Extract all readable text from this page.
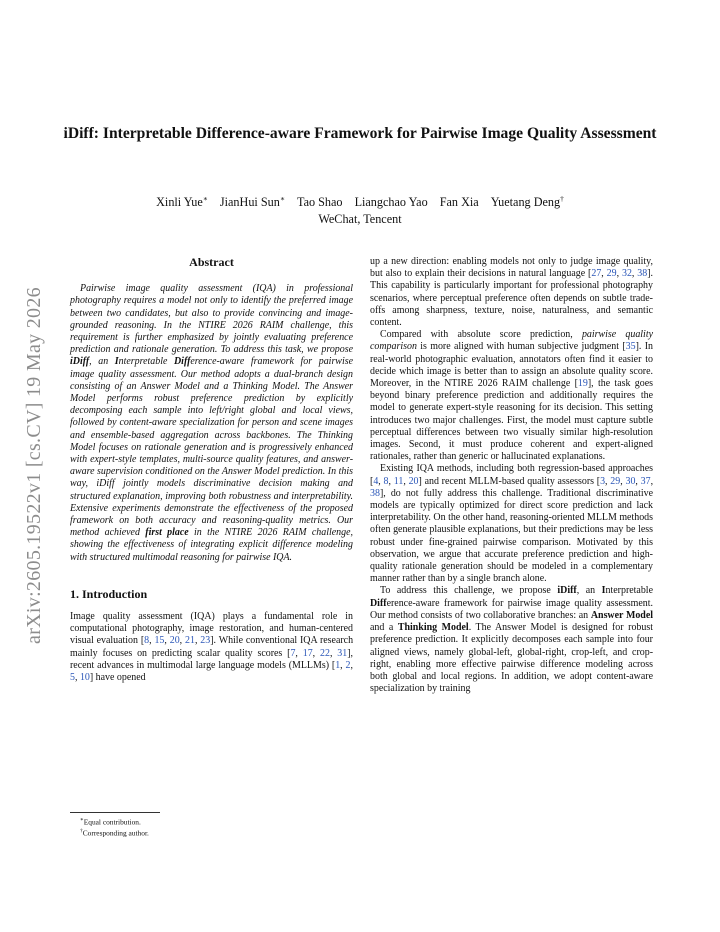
arXiv:2605.19522v1 [cs.CV] 19 May 2026
iDiff: Interpretable Difference-aware Framework for Pairwise Image Quality Assessment
Xinli Yue∗ JianHui Sun∗ Tao Shao Liangchao Yao Fan Xia Yuetang Deng†
WeChat, Tencent
Abstract

Pairwise image quality assessment (IQA) in professional photography requires a model not only to identify the preferred image between two candidates, but also to provide convincing and image-grounded reasoning. In the NTIRE 2026 RAIM challenge, this requirement is further emphasized by jointly evaluating preference prediction and rationale generation. To address this task, we propose iDiff, an Interpretable Difference-aware framework for pairwise image quality assessment. Our method adopts a dual-branch design consisting of an Answer Model and a Thinking Model. The Answer Model performs robust preference prediction by explicitly decomposing each sample into left/right global and local views, followed by content-aware specialization for person and scene images and ensemble-based aggregation across backbones. The Thinking Model focuses on rationale generation and is progressively enhanced with expert-style templates, multi-source quality features, and answer-aware supervision conditioned on the Answer Model prediction. In this way, iDiff jointly models discriminative decision making and structured explanation, improving both robustness and interpretability. Extensive experiments demonstrate the effectiveness of the proposed framework on both accuracy and reasoning-quality metrics. Our method achieved first place in the NTIRE 2026 RAIM challenge, showing the effectiveness of integrating explicit difference modeling with structured multimodal reasoning for pairwise IQA.

1. Introduction

Image quality assessment (IQA) plays a fundamental role in computational photography, image restoration, and human-centered visual evaluation [8, 15, 20, 21, 23]. While conventional IQA research mainly focuses on predicting scalar quality scores [7, 17, 22, 31], recent advances in multimodal large language models (MLLMs) [1, 2, 5, 10] have opened

up a new direction: enabling models not only to judge image quality, but also to explain their decisions in natural language [27, 29, 32, 38]. This capability is particularly important for professional photography scenarios, where perceptual preference often depends on subtle trade-offs among sharpness, texture, noise, naturalness, and semantic content.

Compared with absolute score prediction, pairwise quality comparison is more aligned with human subjective judgment [35]. In real-world photographic evaluation, annotators often find it easier to decide which image is better than to assign an absolute quality score. Moreover, in the NTIRE 2026 RAIM challenge [19], the task goes beyond binary preference prediction and additionally requires the model to generate expert-style reasoning for its decision. This setting introduces two major challenges. First, the model must capture subtle perceptual differences between two visually similar high-resolution images. Second, it must produce coherent and expert-aligned rationales, rather than generic or hallucinated explanations.

Existing IQA methods, including both regression-based approaches [4, 8, 11, 20] and recent MLLM-based quality assessors [3, 29, 30, 37, 38], do not fully address this challenge. Traditional discriminative models are typically optimized for direct score prediction and lack interpretability. On the other hand, reasoning-oriented MLLM methods often generate plausible explanations, but their predictions may be less robust under fine-grained pairwise comparison. Motivated by this observation, we argue that accurate preference prediction and high-quality rationale generation should be modeled in a complementary manner rather than by a single branch alone.

To address this challenge, we propose iDiff, an Interpretable Difference-aware framework for pairwise image quality assessment. Our method consists of two collaborative branches: an Answer Model and a Thinking Model. The Answer Model is designed for robust preference prediction. It explicitly decomposes each sample into four aligned views, namely global-left, global-right, crop-left, and crop-right, enabling more effective pairwise difference modeling across both global and local regions. In addition, we adopt content-aware specialization by training

∗Equal contribution.
†Corresponding author.
